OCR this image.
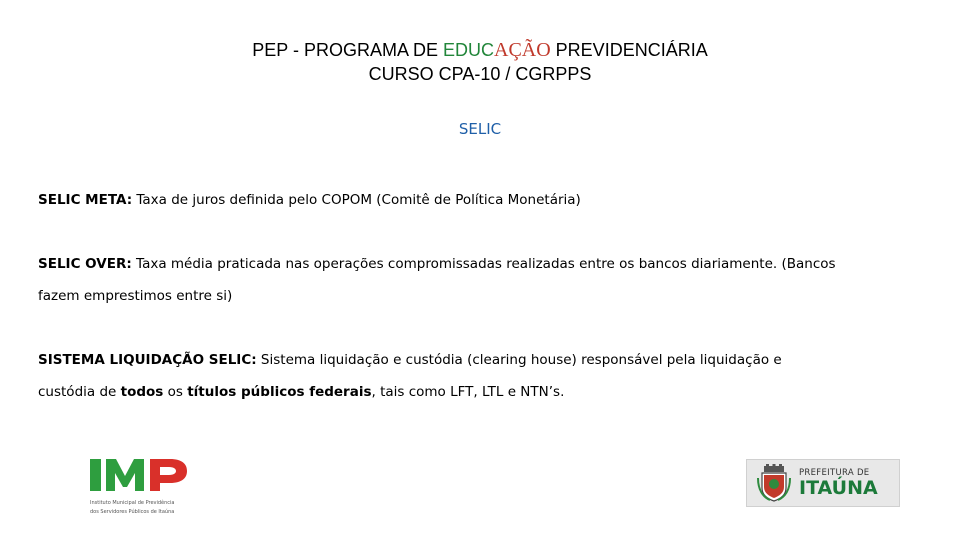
PEP - PROGRAMA DE EDUCAÇÃO PREVIDENCIÁRIA
CURSO CPA-10 / CGRPPS
SELIC

SELIC META: Taxa de juros definida pelo COPOM (Comitê de Política Monetária)

SELIC OVER: Taxa média praticada nas operações compromissadas realizadas entre os bancos diariamente. (Bancos

fazem emprestimos entre si)

SISTEMA LIQUIDAÇÃO SELIC: Sistema liquidação e custódia (clearing house) responsável pela liquidação e

custódia de todos os títulos públicos federais, tais como LFT, LTL e NTN’s.

Instituto Municipal de Previdência
dos Servidores Públicos de Itaúna
PREFEITURA DE
ITAÚNA
